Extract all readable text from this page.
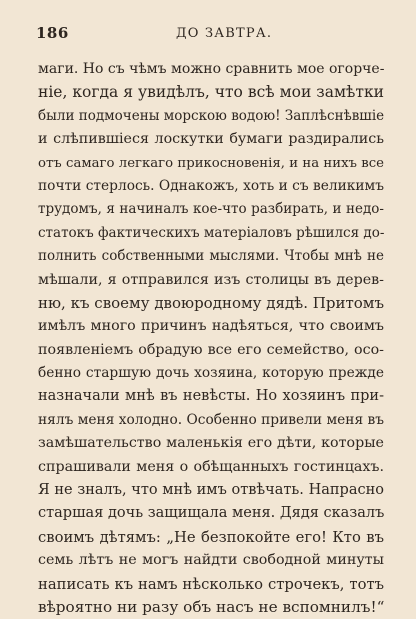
186	ДО ЗАВТРА.
маги. Но съ чѣмъ можно сравнить мое огорче-
ніе, когда я увидѣлъ, что всѣ мои замѣтки
были подмочены морскою водою! Заплѣснѣвшіе
и слѣпившіеся лоскутки бумаги раздирались
отъ самаго легкаго прикосновенія, и на нихъ все
почти стерлось. Однакожъ, хоть и съ великимъ
трудомъ, я начиналъ кое-что разбирать, и недо-
статокъ фактическихъ матеріаловъ рѣшился до-
полнить собственными мыслями. Чтобы мнѣ не
мѣшали, я отправился изъ столицы въ дерев-
ню, къ своему двоюродному дядѣ. Притомъ
имѣлъ много причинъ надѣяться, что своимъ
появленіемъ обрадую все его семейство, осо-
бенно старшую дочь хозяина, которую прежде
назначали мнѣ въ невѣсты. Но хозяинъ при-
нялъ меня холодно. Особенно привели меня въ
замѣшательство маленькія его дѣти, которые
спрашивали меня о обѣщанныхъ гостинцахъ.
Я не зналъ, что мнѣ имъ отвѣчать. Напрасно
старшая дочь защищала меня. Дядя сказалъ
своимъ дѣтямъ: „Не безпокойте его! Кто въ
семь лѣтъ не могъ найдти свободной минуты
написать къ намъ нѣсколько строчекъ, тотъ
вѣроятно ни разу объ насъ не вспомнилъ!“
